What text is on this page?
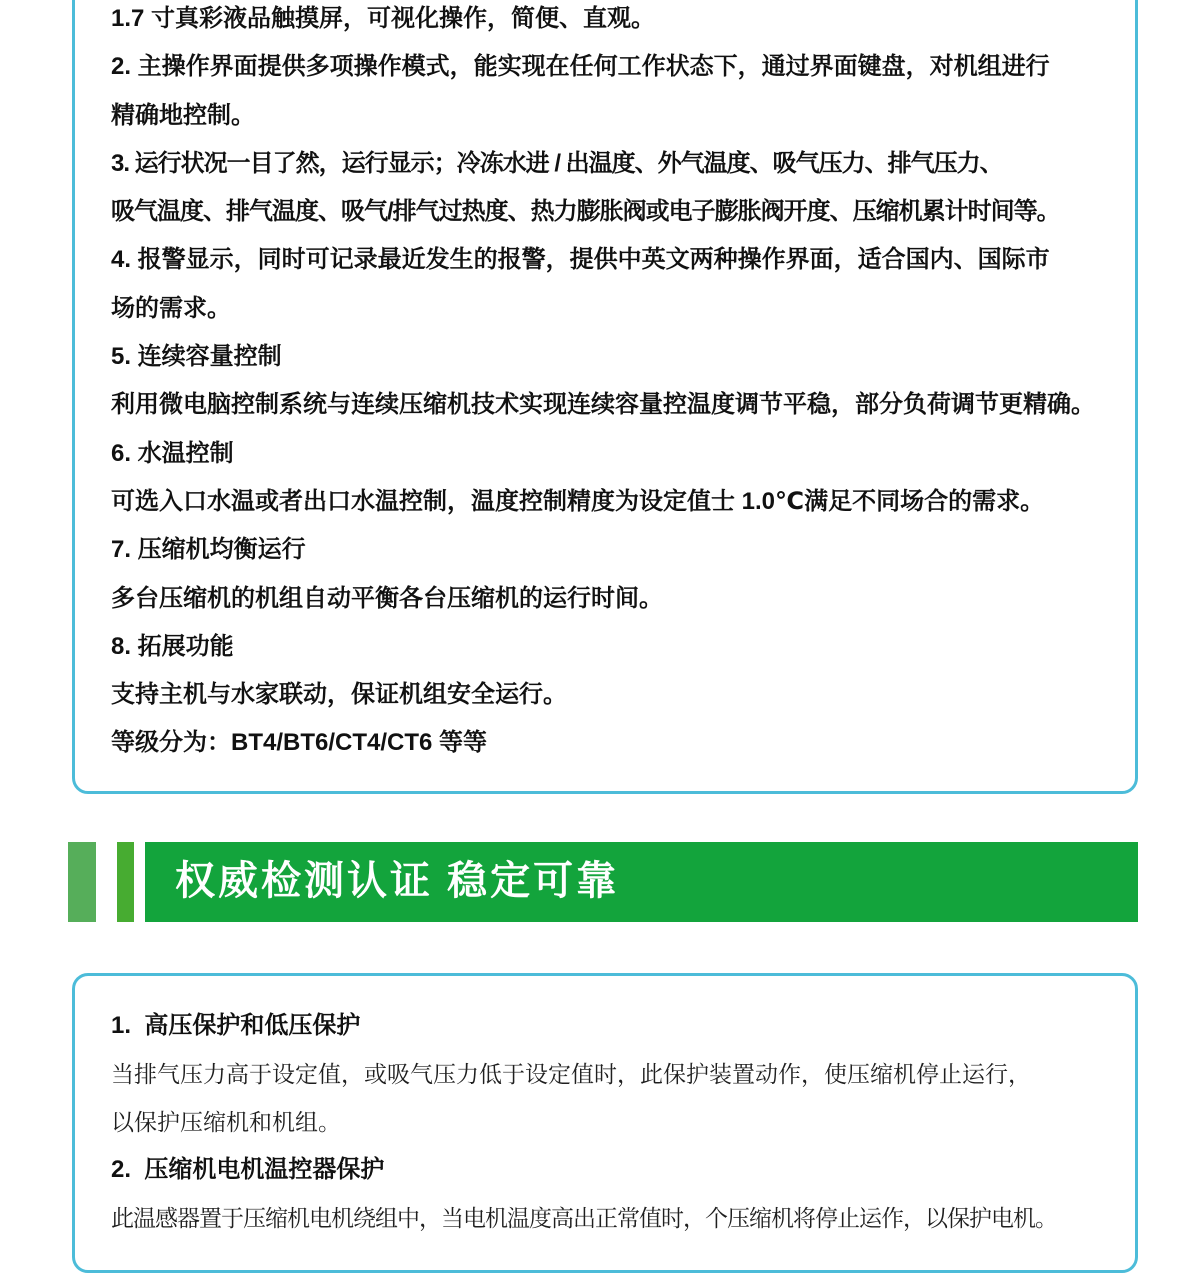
1.7 寸真彩液品触摸屏，可视化操作，简便、直观。
2. 主操作界面提供多项操作模式，能实现在任何工作状态下，通过界面键盘，对机组进行
精确地控制。
3. 运行状况一目了然，运行显示；冷冻水进 / 出温度、外气温度、吸气压力、排气压力、
吸气温度、排气温度、吸气/排气过热度、热力膨胀阀或电子膨胀阀开度、压缩机累计时间等。
4. 报警显示，同时可记录最近发生的报警，提供中英文两种操作界面，适合国内、国际市
场的需求。
5. 连续容量控制
利用微电脑控制系统与连续压缩机技术实现连续容量控温度调节平稳，部分负荷调节更精确。
6. 水温控制
可选入口水温或者出口水温控制，温度控制精度为设定值士 1.0℃满足不同场合的需求。
7. 压缩机均衡运行
多台压缩机的机组自动平衡各台压缩机的运行时间。
8. 拓展功能
支持主机与水家联动，保证机组安全运行。
等级分为：BT4/BT6/CT4/CT6 等等
权威检测认证 稳定可靠
1.  高压保护和低压保护
当排气压力高于设定值，或吸气压力低于设定值时，此保护装置动作，使压缩机停止运行，
以保护压缩机和机组。
2.  压缩机电机温控器保护
此温感器置于压缩机电机绕组中，当电机温度高出正常值时，个压缩机将停止运作，以保护电机。
